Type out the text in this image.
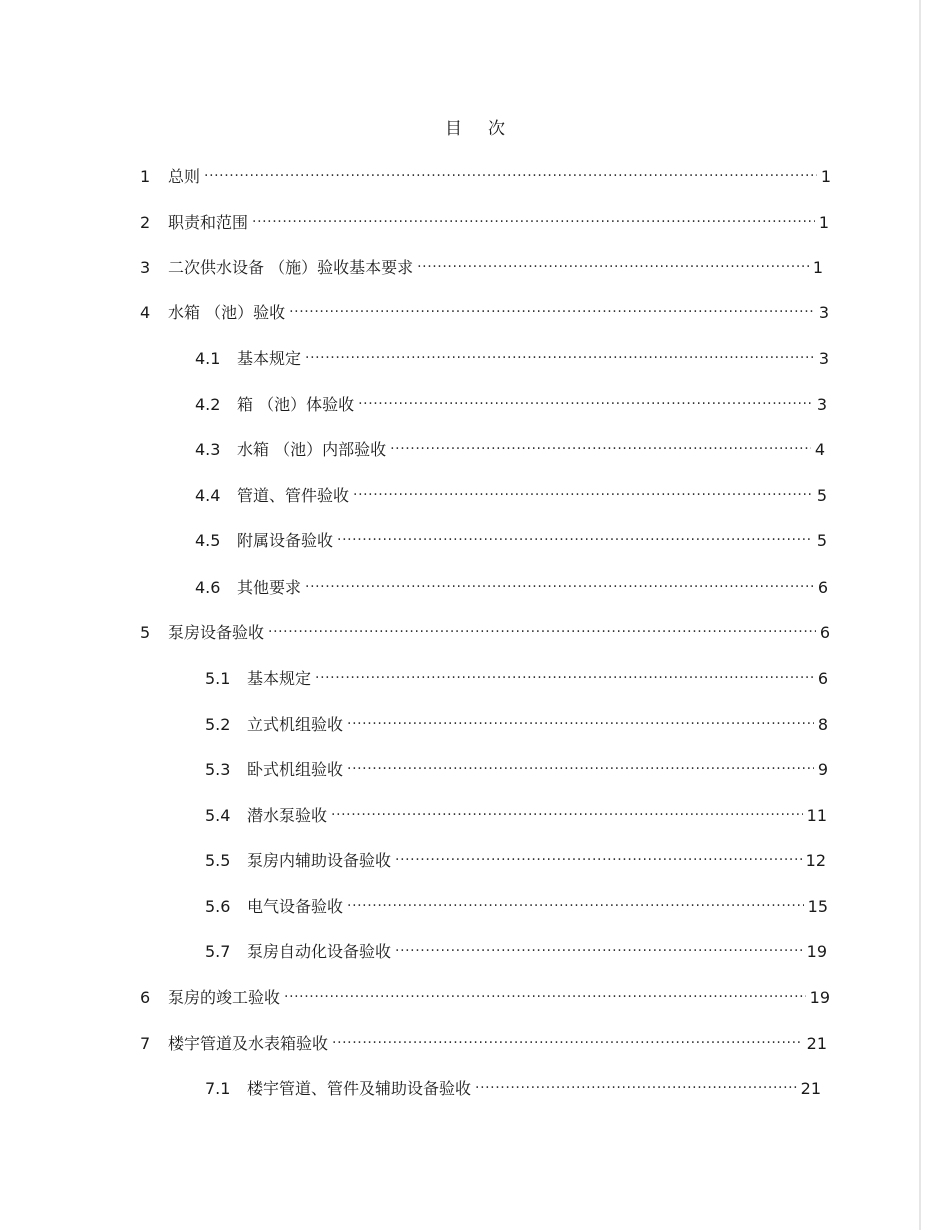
目 次
1	总则 .....	1
2	职责和范围 .....	1
3	二次供水设备 （施）验收基本要求 .....	1
4	水箱 （池）验收 .....	3
4.1	基本规定 .....	3
4.2	箱 （池）体验收 .....	3
4.3	水箱 （池）内部验收 .....	4
4.4	管道、管件验收 .....	5
4.5	附属设备验收 .....	5
4.6	其他要求 .....	6
5	泵房设备验收 .....	6
5.1	基本规定 .....	6
5.2	立式机组验收 .....	8
5.3	卧式机组验收 .....	9
5.4	潜水泵验收 .....	11
5.5	泵房内辅助设备验收 .....	12
5.6	电气设备验收 .....	15
5.7	泵房自动化设备验收 .....	19
6	泵房的竣工验收 .....	19
7	楼宇管道及水表箱验收 .....	21
7.1	楼宇管道、管件及辅助设备验收 .....	21
